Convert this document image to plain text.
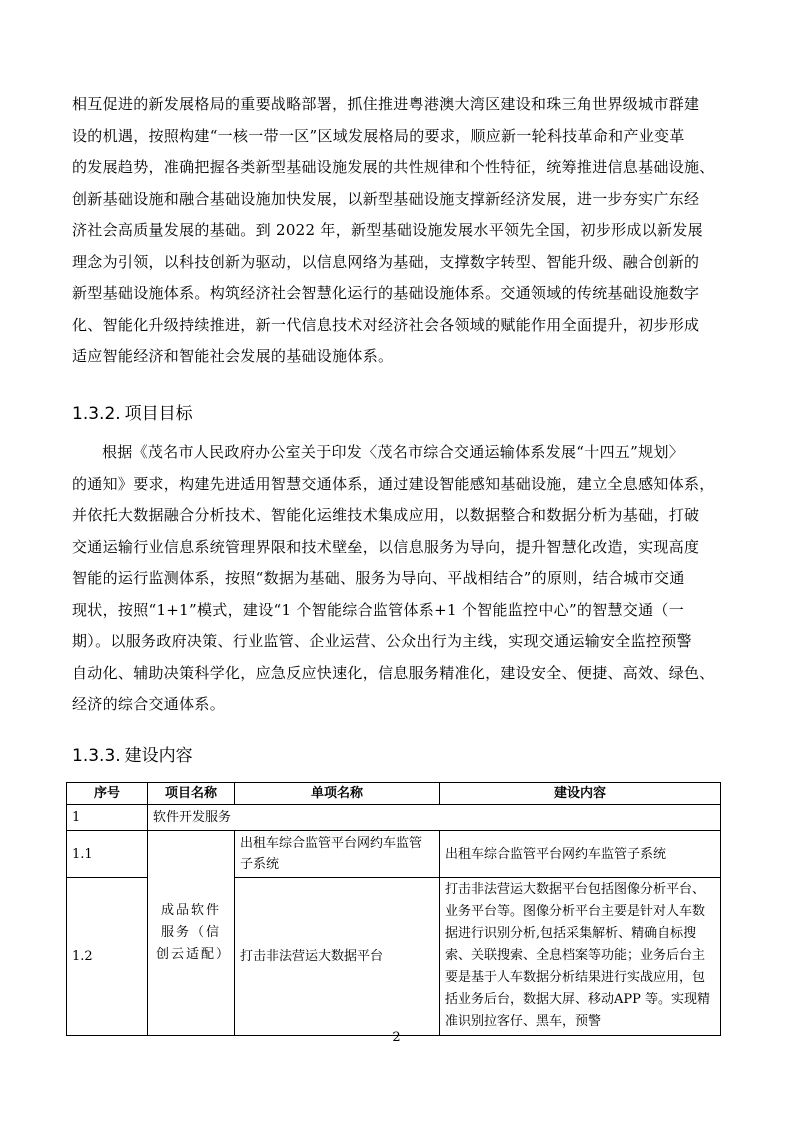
相互促进的新发展格局的重要战略部署，抓住推进粤港澳大湾区建设和珠三角世界级城市群建
设的机遇，按照构建“一核一带一区”区域发展格局的要求，顺应新一轮科技革命和产业变革
的发展趋势，准确把握各类新型基础设施发展的共性规律和个性特征，统筹推进信息基础设施、
创新基础设施和融合基础设施加快发展，以新型基础设施支撑新经济发展，进一步夯实广东经
济社会高质量发展的基础。到 2022 年，新型基础设施发展水平领先全国，初步形成以新发展
理念为引领，以科技创新为驱动，以信息网络为基础，支撑数字转型、智能升级、融合创新的
新型基础设施体系。构筑经济社会智慧化运行的基础设施体系。交通领域的传统基础设施数字
化、智能化升级持续推进，新一代信息技术对经济社会各领域的赋能作用全面提升，初步形成
适应智能经济和智能社会发展的基础设施体系。
1.3.2. 项目目标
根据《茂名市人民政府办公室关于印发〈茂名市综合交通运输体系发展“十四五”规划〉
的通知》要求，构建先进适用智慧交通体系，通过建设智能感知基础设施，建立全息感知体系，
并依托大数据融合分析技术、智能化运维技术集成应用，以数据整合和数据分析为基础，打破
交通运输行业信息系统管理界限和技术壁垒，以信息服务为导向，提升智慧化改造，实现高度
智能的运行监测体系，按照“数据为基础、服务为导向、平战相结合”的原则，结合城市交通
现状，按照“1+1”模式，建设“1 个智能综合监管体系+1 个智能监控中心”的智慧交通（一
期）。以服务政府决策、行业监管、企业运营、公众出行为主线，实现交通运输安全监控预警
自动化、辅助决策科学化，应急反应快速化，信息服务精准化，建设安全、便捷、高效、绿色、
经济的综合交通体系。
1.3.3. 建设内容
序号	项目名称	单项名称	建设内容
1	软件开发服务		
1.1	成品软件服务（信创云适配）	出租车综合监管平台网约车监管子系统	出租车综合监管平台网约车监管子系统
1.2		打击非法营运大数据平台	打击非法营运大数据平台包括图像分析平台、业务平台等。图像分析平台主要是针对人车数据进行识别分析,包括采集解析、精确自标搜索、关联搜索、全息档案等功能；业务后台主要是基于人车数据分析结果进行实战应用，包括业务后台，数据大屏、移动APP 等。实现精准识别拉客仔、黑车，预警
2
